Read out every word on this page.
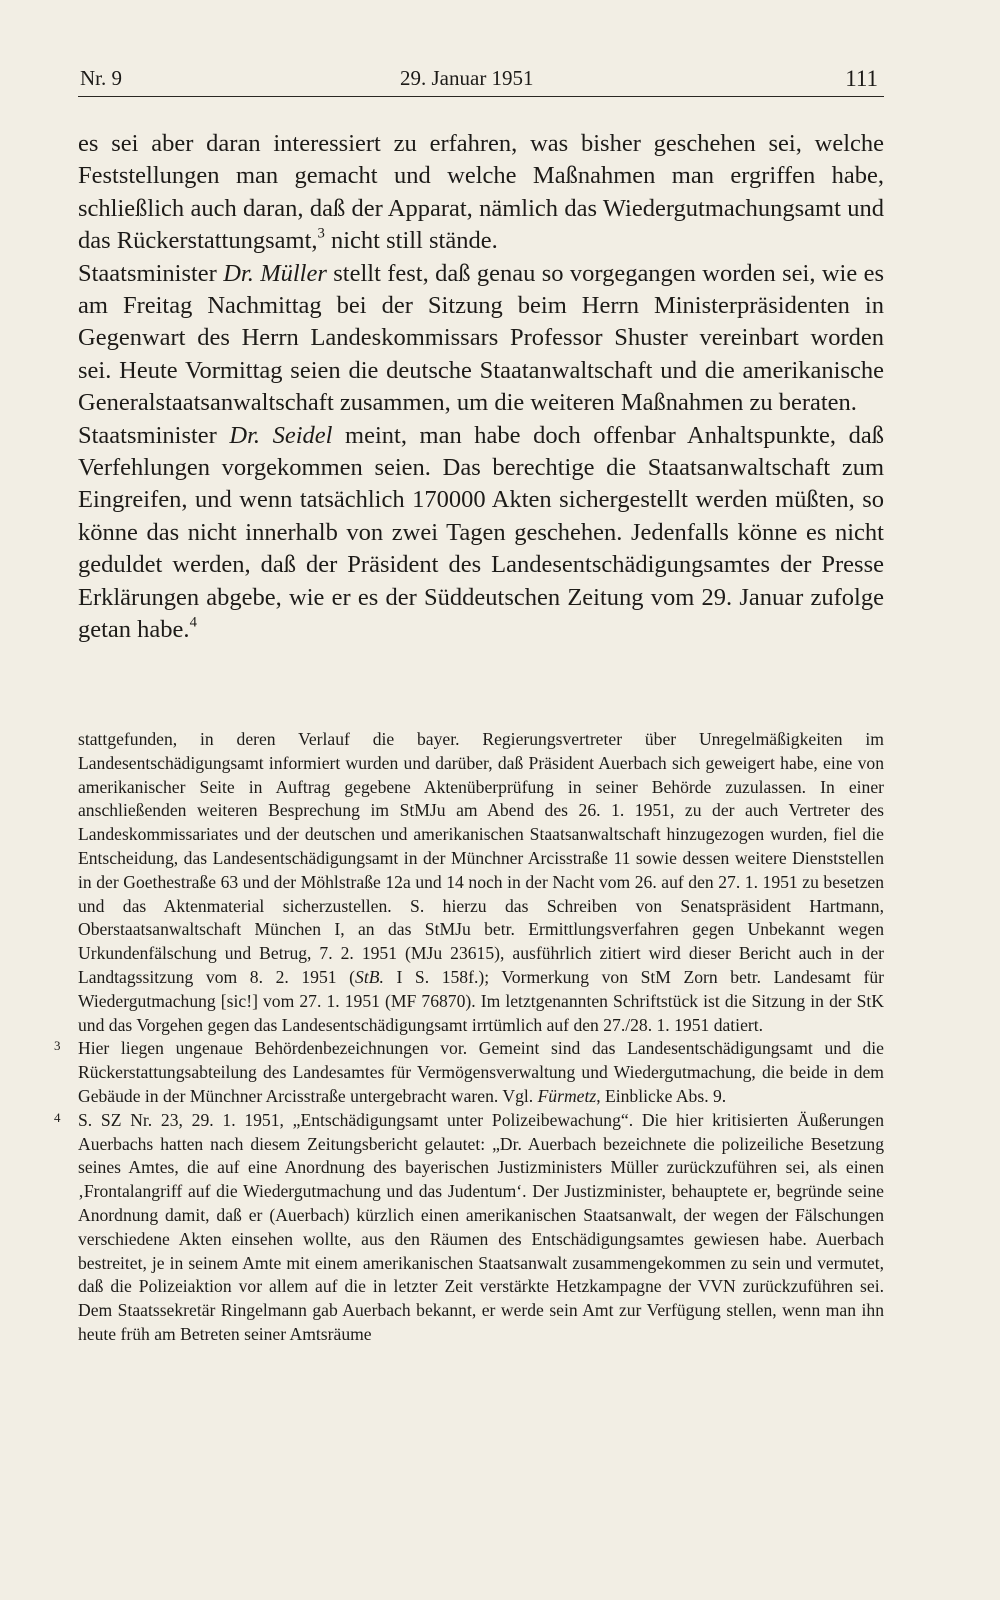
Nr. 9	29. Januar 1951	111

es sei aber daran interessiert zu erfahren, was bisher geschehen sei, welche Feststellungen man gemacht und welche Maßnahmen man ergriffen habe, schließlich auch daran, daß der Apparat, nämlich das Wiedergutmachungsamt und das Rückerstattungsamt,$^3$ nicht still stände.

Staatsminister Dr. Müller stellt fest, daß genau so vorgegangen worden sei, wie es am Freitag Nachmittag bei der Sitzung beim Herrn Ministerpräsidenten in Gegenwart des Herrn Landeskommissars Professor Shuster vereinbart worden sei. Heute Vormittag seien die deutsche Staatanwaltschaft und die amerikanische Generalstaatsanwaltschaft zusammen, um die weiteren Maßnahmen zu beraten.

Staatsminister Dr. Seidel meint, man habe doch offenbar Anhaltspunkte, daß Verfehlungen vorgekommen seien. Das berechtige die Staatsanwaltschaft zum Eingreifen, und wenn tatsächlich 170000 Akten sichergestellt werden müßten, so könne das nicht innerhalb von zwei Tagen geschehen. Jedenfalls könne es nicht geduldet werden, daß der Präsident des Landesentschädigungsamtes der Presse Erklärungen abgebe, wie er es der Süddeutschen Zeitung vom 29. Januar zufolge getan habe.$^4$

stattgefunden, in deren Verlauf die bayer. Regierungsvertreter über Unregelmäßigkeiten im Landesentschädigungsamt informiert wurden und darüber, daß Präsident Auerbach sich geweigert habe, eine von amerikanischer Seite in Auftrag gegebene Aktenüberprüfung in seiner Behörde zuzulassen. In einer anschließenden weiteren Besprechung im StMJu am Abend des 26. 1. 1951, zu der auch Vertreter des Landeskommissariates und der deutschen und amerikanischen Staatsanwaltschaft hinzugezogen wurden, fiel die Entscheidung, das Landesentschädigungsamt in der Münchner Arcisstraße 11 sowie dessen weitere Dienststellen in der Goethestraße 63 und der Möhlstraße 12a und 14 noch in der Nacht vom 26. auf den 27. 1. 1951 zu besetzen und das Aktenmaterial sicherzustellen. S. hierzu das Schreiben von Senatspräsident Hartmann, Oberstaatsanwaltschaft München I, an das StMJu betr. Ermittlungsverfahren gegen Unbekannt wegen Urkundenfälschung und Betrug, 7. 2. 1951 (MJu 23615), ausführlich zitiert wird dieser Bericht auch in der Landtagssitzung vom 8. 2. 1951 (StB. I S. 158f.); Vormerkung von StM Zorn betr. Landesamt für Wiedergutmachung [sic!] vom 27. 1. 1951 (MF 76870). Im letztgenannten Schriftstück ist die Sitzung in der StK und das Vorgehen gegen das Landesentschädigungsamt irrtümlich auf den 27./28. 1. 1951 datiert.

3 Hier liegen ungenaue Behördenbezeichnungen vor. Gemeint sind das Landesentschädigungsamt und die Rückerstattungsabteilung des Landesamtes für Vermögensverwaltung und Wiedergutmachung, die beide in dem Gebäude in der Münchner Arcisstraße untergebracht waren. Vgl. Fürmetz, Einblicke Abs. 9.

4 S. SZ Nr. 23, 29. 1. 1951, „Entschädigungsamt unter Polizeibewachung“. Die hier kritisierten Äußerungen Auerbachs hatten nach diesem Zeitungsbericht gelautet: „Dr. Auerbach bezeichnete die polizeiliche Besetzung seines Amtes, die auf eine Anordnung des bayerischen Justizministers Müller zurückzuführen sei, als einen ‚Frontalangriff auf die Wiedergutmachung und das Judentum‘. Der Justizminister, behauptete er, begründe seine Anordnung damit, daß er (Auerbach) kürzlich einen amerikanischen Staatsanwalt, der wegen der Fälschungen verschiedene Akten einsehen wollte, aus den Räumen des Entschädigungsamtes gewiesen habe. Auerbach bestreitet, je in seinem Amte mit einem amerikanischen Staatsanwalt zusammengekommen zu sein und vermutet, daß die Polizeiaktion vor allem auf die in letzter Zeit verstärkte Hetzkampagne der VVN zurückzuführen sei. Dem Staatssekretär Ringelmann gab Auerbach bekannt, er werde sein Amt zur Verfügung stellen, wenn man ihn heute früh am Betreten seiner Amtsräume
